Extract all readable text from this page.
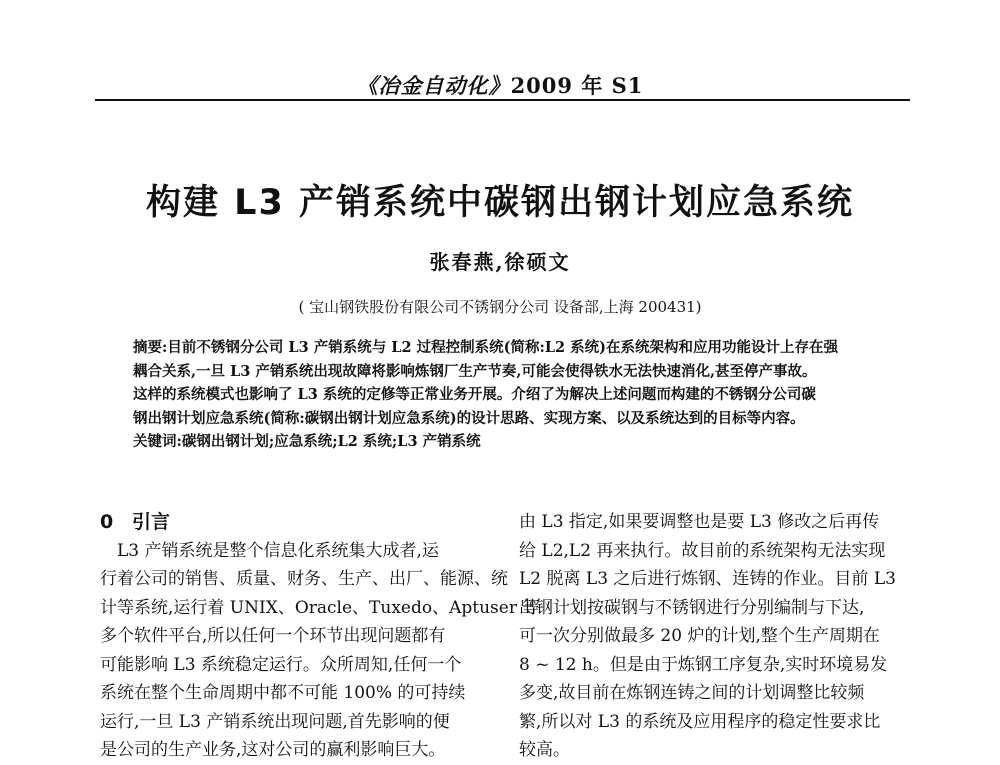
《冶金自动化》2009 年 S1
构建 L3 产销系统中碳钢出钢计划应急系统
张春燕,徐硕文
( 宝山钢铁股份有限公司不锈钢分公司 设备部,上海 200431)
摘要:目前不锈钢分公司 L3 产销系统与 L2 过程控制系统(简称:L2 系统)在系统架构和应用功能设计上存在强
耦合关系,一旦 L3 产销系统出现故障将影响炼钢厂生产节奏,可能会使得铁水无法快速消化,甚至停产事故。
这样的系统模式也影响了 L3 系统的定修等正常业务开展。介绍了为解决上述问题而构建的不锈钢分公司碳
钢出钢计划应急系统(简称:碳钢出钢计划应急系统)的设计思路、实现方案、以及系统达到的目标等内容。
关键词:碳钢出钢计划;应急系统;L2 系统;L3 产销系统
0 引言
L3 产销系统是整个信息化系统集大成者,运
行着公司的销售、质量、财务、生产、出厂、能源、统
计等系统,运行着 UNIX、Oracle、Tuxedo、Aptuser 等
多个软件平台,所以任何一个环节出现问题都有
可能影响 L3 系统稳定运行。众所周知,任何一个
系统在整个生命周期中都不可能 100% 的可持续
运行,一旦 L3 产销系统出现问题,首先影响的便
是公司的生产业务,这对公司的赢利影响巨大。
由 L3 指定,如果要调整也是要 L3 修改之后再传
给 L2,L2 再来执行。故目前的系统架构无法实现
L2 脱离 L3 之后进行炼钢、连铸的作业。目前 L3
出钢计划按碳钢与不锈钢进行分别编制与下达,
可一次分别做最多 20 炉的计划,整个生产周期在
8 ~ 12 h。但是由于炼钢工序复杂,实时环境易发
多变,故目前在炼钢连铸之间的计划调整比较频
繁,所以对 L3 的系统及应用程序的稳定性要求比
较高。
